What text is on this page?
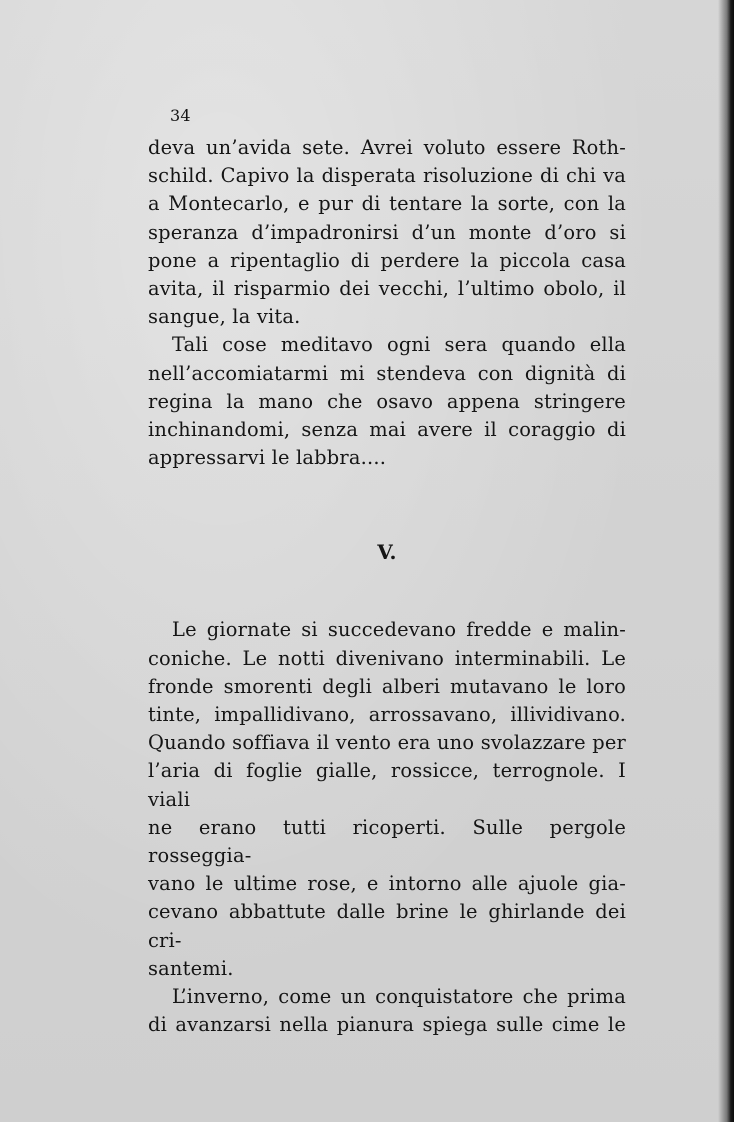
34

deva un’avida sete. Avrei voluto essere Roth-
schild. Capivo la disperata risoluzione di chi va
a Montecarlo, e pur di tentare la sorte, con la
speranza d’impadronirsi d’un monte d’oro si
pone a ripentaglio di perdere la piccola casa
avita, il risparmio dei vecchi, l’ultimo obolo, il
sangue, la vita.

Tali cose meditavo ogni sera quando ella
nell’accomiatarmi mi stendeva con dignità di
regina la mano che osavo appena stringere
inchinandomi, senza mai avere il coraggio di
appressarvi le labbra....

V.

Le giornate si succedevano fredde e malin-
coniche. Le notti divenivano interminabili. Le
fronde smorenti degli alberi mutavano le loro
tinte, impallidivano, arrossavano, illividivano.
Quando soffiava il vento era uno svolazzare per
l’aria di foglie gialle, rossicce, terrognole. I viali
ne erano tutti ricoperti. Sulle pergole rosseggia-
vano le ultime rose, e intorno alle ajuole gia-
cevano abbattute dalle brine le ghirlande dei cri-
santemi.

L’inverno, come un conquistatore che prima
di avanzarsi nella pianura spiega sulle cime le
